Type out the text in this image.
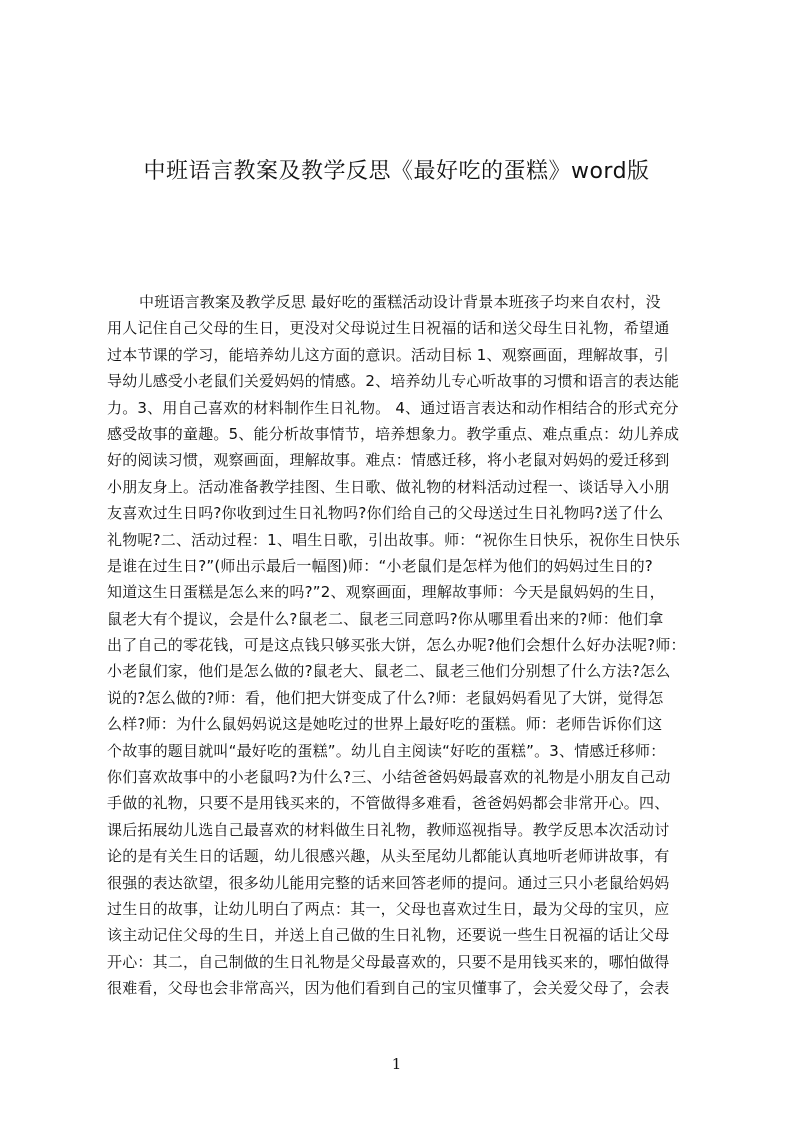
中班语言教案及教学反思《最好吃的蛋糕》word版
中班语言教案及教学反思 最好吃的蛋糕活动设计背景本班孩子均来自农村，没
用人记住自己父母的生日，更没对父母说过生日祝福的话和送父母生日礼物，希望通
过本节课的学习，能培养幼儿这方面的意识。活动目标 1、观察画面，理解故事，引
导幼儿感受小老鼠们关爱妈妈的情感。2、培养幼儿专心听故事的习惯和语言的表达能
力。3、用自己喜欢的材料制作生日礼物。 4、通过语言表达和动作相结合的形式充分
感受故事的童趣。5、能分析故事情节，培养想象力。教学重点、难点重点：幼儿养成
好的阅读习惯，观察画面，理解故事。难点：情感迁移，将小老鼠对妈妈的爱迁移到
小朋友身上。活动准备教学挂图、生日歌、做礼物的材料活动过程一、谈话导入小朋
友喜欢过生日吗?你收到过生日礼物吗?你们给自己的父母送过生日礼物吗?送了什么
礼物呢?二、活动过程：1、唱生日歌，引出故事。师：“祝你生日快乐，祝你生日快乐
是谁在过生日?”(师出示最后一幅图)师：“小老鼠们是怎样为他们的妈妈过生日的?
知道这生日蛋糕是怎么来的吗?”2、观察画面，理解故事师：今天是鼠妈妈的生日，
鼠老大有个提议，会是什么?鼠老二、鼠老三同意吗?你从哪里看出来的?师：他们拿
出了自己的零花钱，可是这点钱只够买张大饼，怎么办呢?他们会想什么好办法呢?师：
小老鼠们家，他们是怎么做的?鼠老大、鼠老二、鼠老三他们分别想了什么方法?怎么
说的?怎么做的?师：看，他们把大饼变成了什么?师：老鼠妈妈看见了大饼，觉得怎
么样?师：为什么鼠妈妈说这是她吃过的世界上最好吃的蛋糕。师：老师告诉你们这
个故事的题目就叫“最好吃的蛋糕”。幼儿自主阅读“好吃的蛋糕”。3、情感迁移师：
你们喜欢故事中的小老鼠吗?为什么?三、小结爸爸妈妈最喜欢的礼物是小朋友自己动
手做的礼物，只要不是用钱买来的，不管做得多难看，爸爸妈妈都会非常开心。四、
课后拓展幼儿选自己最喜欢的材料做生日礼物，教师巡视指导。教学反思本次活动讨
论的是有关生日的话题，幼儿很感兴趣，从头至尾幼儿都能认真地听老师讲故事，有
很强的表达欲望，很多幼儿能用完整的话来回答老师的提问。通过三只小老鼠给妈妈
过生日的故事，让幼儿明白了两点：其一，父母也喜欢过生日，最为父母的宝贝，应
该主动记住父母的生日，并送上自己做的生日礼物，还要说一些生日祝福的话让父母
开心：其二，自己制做的生日礼物是父母最喜欢的，只要不是用钱买来的，哪怕做得
很难看，父母也会非常高兴，因为他们看到自己的宝贝懂事了，会关爱父母了，会表
1
